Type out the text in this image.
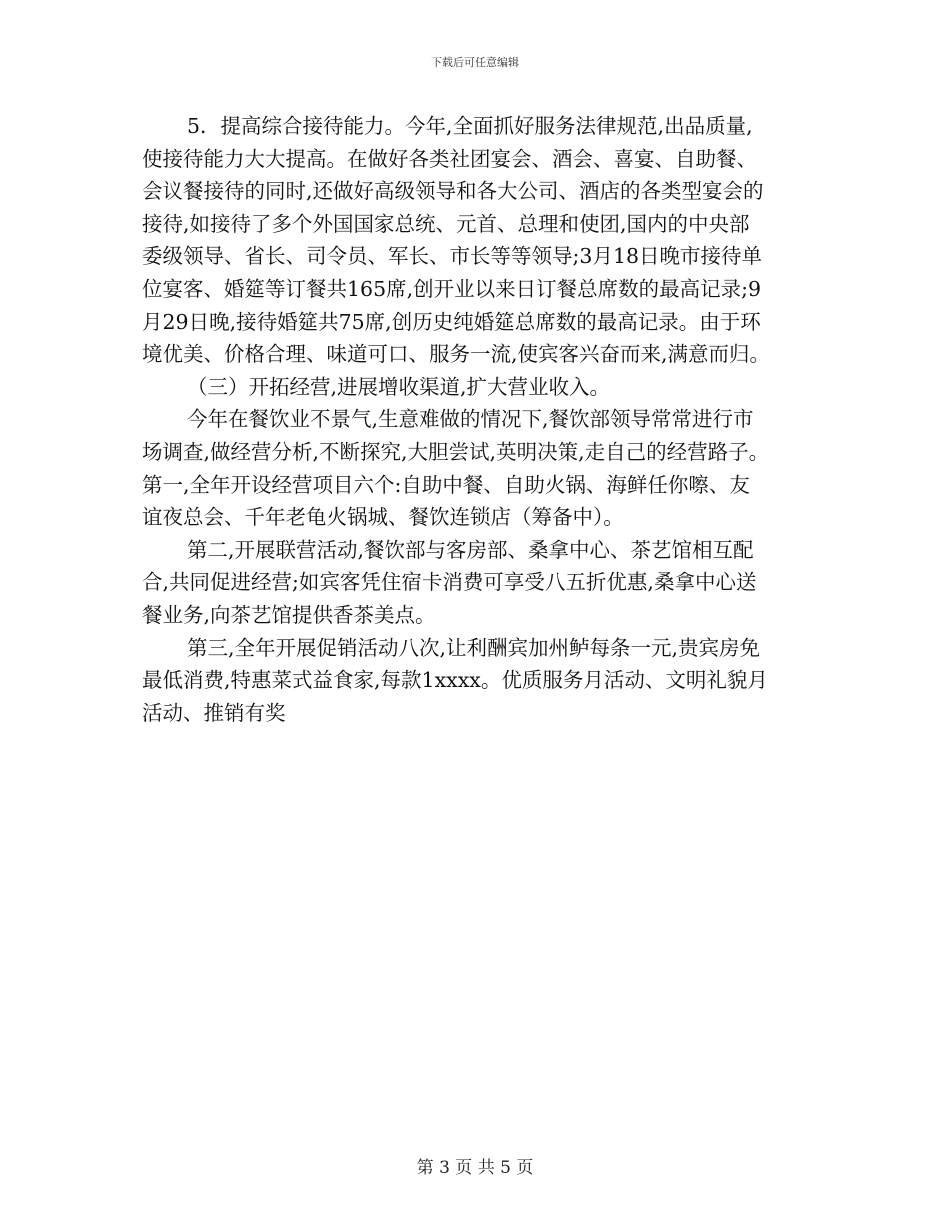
下载后可任意编辑
5．提高综合接待能力。今年,全面抓好服务法律规范,出品质量,
使接待能力大大提高。在做好各类社团宴会、酒会、喜宴、自助餐、
会议餐接待的同时,还做好高级领导和各大公司、酒店的各类型宴会的
接待,如接待了多个外国国家总统、元首、总理和使团,国内的中央部
委级领导、省长、司令员、军长、市长等等领导;3月18日晚市接待单
位宴客、婚筵等订餐共165席,创开业以来日订餐总席数的最高记录;9
月29日晚,接待婚筵共75席,创历史纯婚筵总席数的最高记录。由于环
境优美、价格合理、味道可口、服务一流,使宾客兴奋而来,满意而归。
（三）开拓经营,进展增收渠道,扩大营业收入。
今年在餐饮业不景气,生意难做的情况下,餐饮部领导常常进行市
场调查,做经营分析,不断探究,大胆尝试,英明决策,走自己的经营路子。
第一,全年开设经营项目六个:自助中餐、自助火锅、海鲜任你嚓、友
谊夜总会、千年老龟火锅城、餐饮连锁店（筹备中）。
第二,开展联营活动,餐饮部与客房部、桑拿中心、茶艺馆相互配
合,共同促进经营;如宾客凭住宿卡消费可享受八五折优惠,桑拿中心送
餐业务,向茶艺馆提供香茶美点。
第三,全年开展促销活动八次,让利酬宾加州鲈每条一元,贵宾房免
最低消费,特惠菜式益食家,每款1xxxx。优质服务月活动、文明礼貌月
活动、推销有奖
第 3 页 共 5 页
